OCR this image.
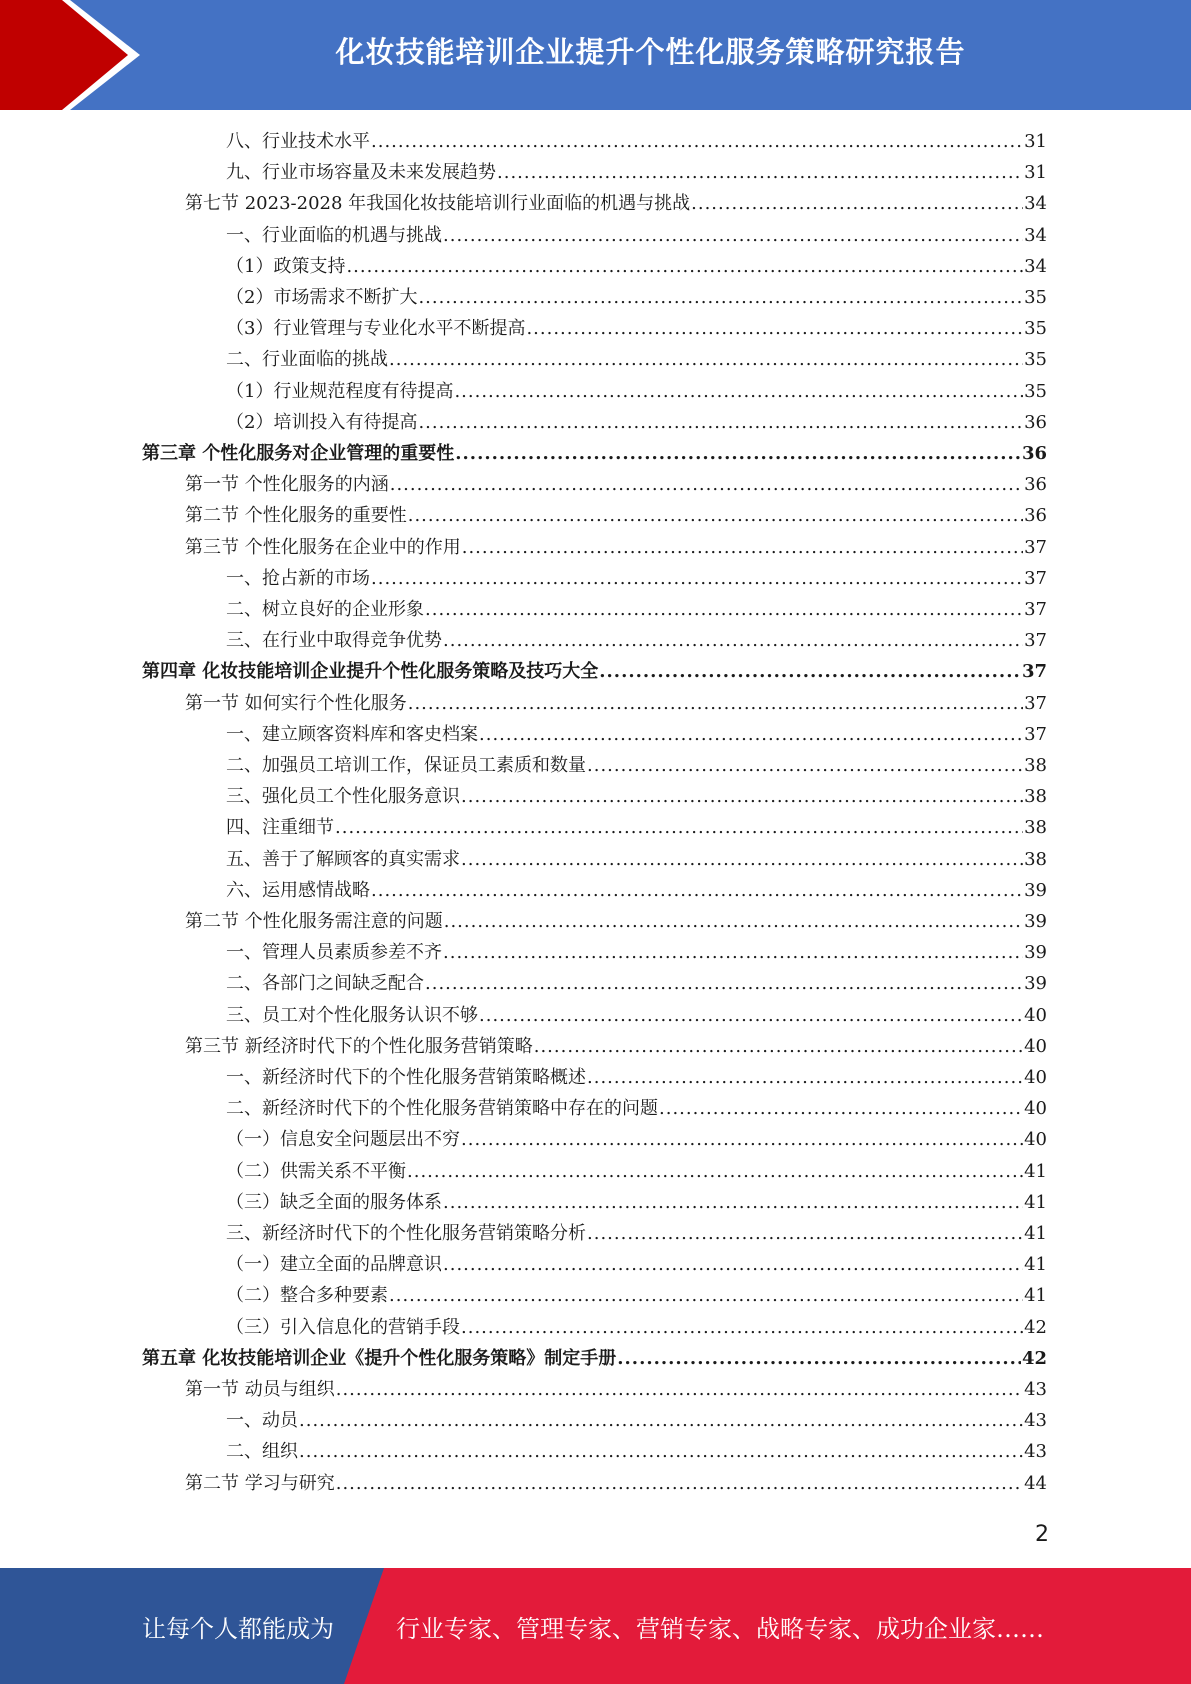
化妆技能培训企业提升个性化服务策略研究报告
八、行业技术水平 .....	31
九、行业市场容量及未来发展趋势 .....	31
第七节 2023-2028 年我国化妆技能培训行业面临的机遇与挑战 .....	34
一、行业面临的机遇与挑战 .....	34
（1）政策支持 .....	34
（2）市场需求不断扩大 .....	35
（3）行业管理与专业化水平不断提高 .....	35
二、行业面临的挑战 .....	35
（1）行业规范程度有待提高 .....	35
（2）培训投入有待提高 .....	36
第三章 个性化服务对企业管理的重要性 .....	36
第一节 个性化服务的内涵 .....	36
第二节 个性化服务的重要性 .....	36
第三节 个性化服务在企业中的作用 .....	37
一、抢占新的市场 .....	37
二、树立良好的企业形象 .....	37
三、在行业中取得竞争优势 .....	37
第四章 化妆技能培训企业提升个性化服务策略及技巧大全 .....	37
第一节 如何实行个性化服务 .....	37
一、建立顾客资料库和客史档案 .....	37
二、加强员工培训工作，保证员工素质和数量 .....	38
三、强化员工个性化服务意识 .....	38
四、注重细节 .....	38
五、善于了解顾客的真实需求 .....	38
六、运用感情战略 .....	39
第二节 个性化服务需注意的问题 .....	39
一、管理人员素质参差不齐 .....	39
二、各部门之间缺乏配合 .....	39
三、员工对个性化服务认识不够 .....	40
第三节 新经济时代下的个性化服务营销策略 .....	40
一、新经济时代下的个性化服务营销策略概述 .....	40
二、新经济时代下的个性化服务营销策略中存在的问题 .....	40
（一）信息安全问题层出不穷 .....	40
（二）供需关系不平衡 .....	41
（三）缺乏全面的服务体系 .....	41
三、新经济时代下的个性化服务营销策略分析 .....	41
（一）建立全面的品牌意识 .....	41
（二）整合多种要素 .....	41
（三）引入信息化的营销手段 .....	42
第五章 化妆技能培训企业《提升个性化服务策略》制定手册 .....	42
第一节 动员与组织 .....	43
一、动员 .....	43
二、组织 .....	43
第二节 学习与研究 .....	44
2
让每个人都能成为	行业专家、管理专家、营销专家、战略专家、成功企业家……
